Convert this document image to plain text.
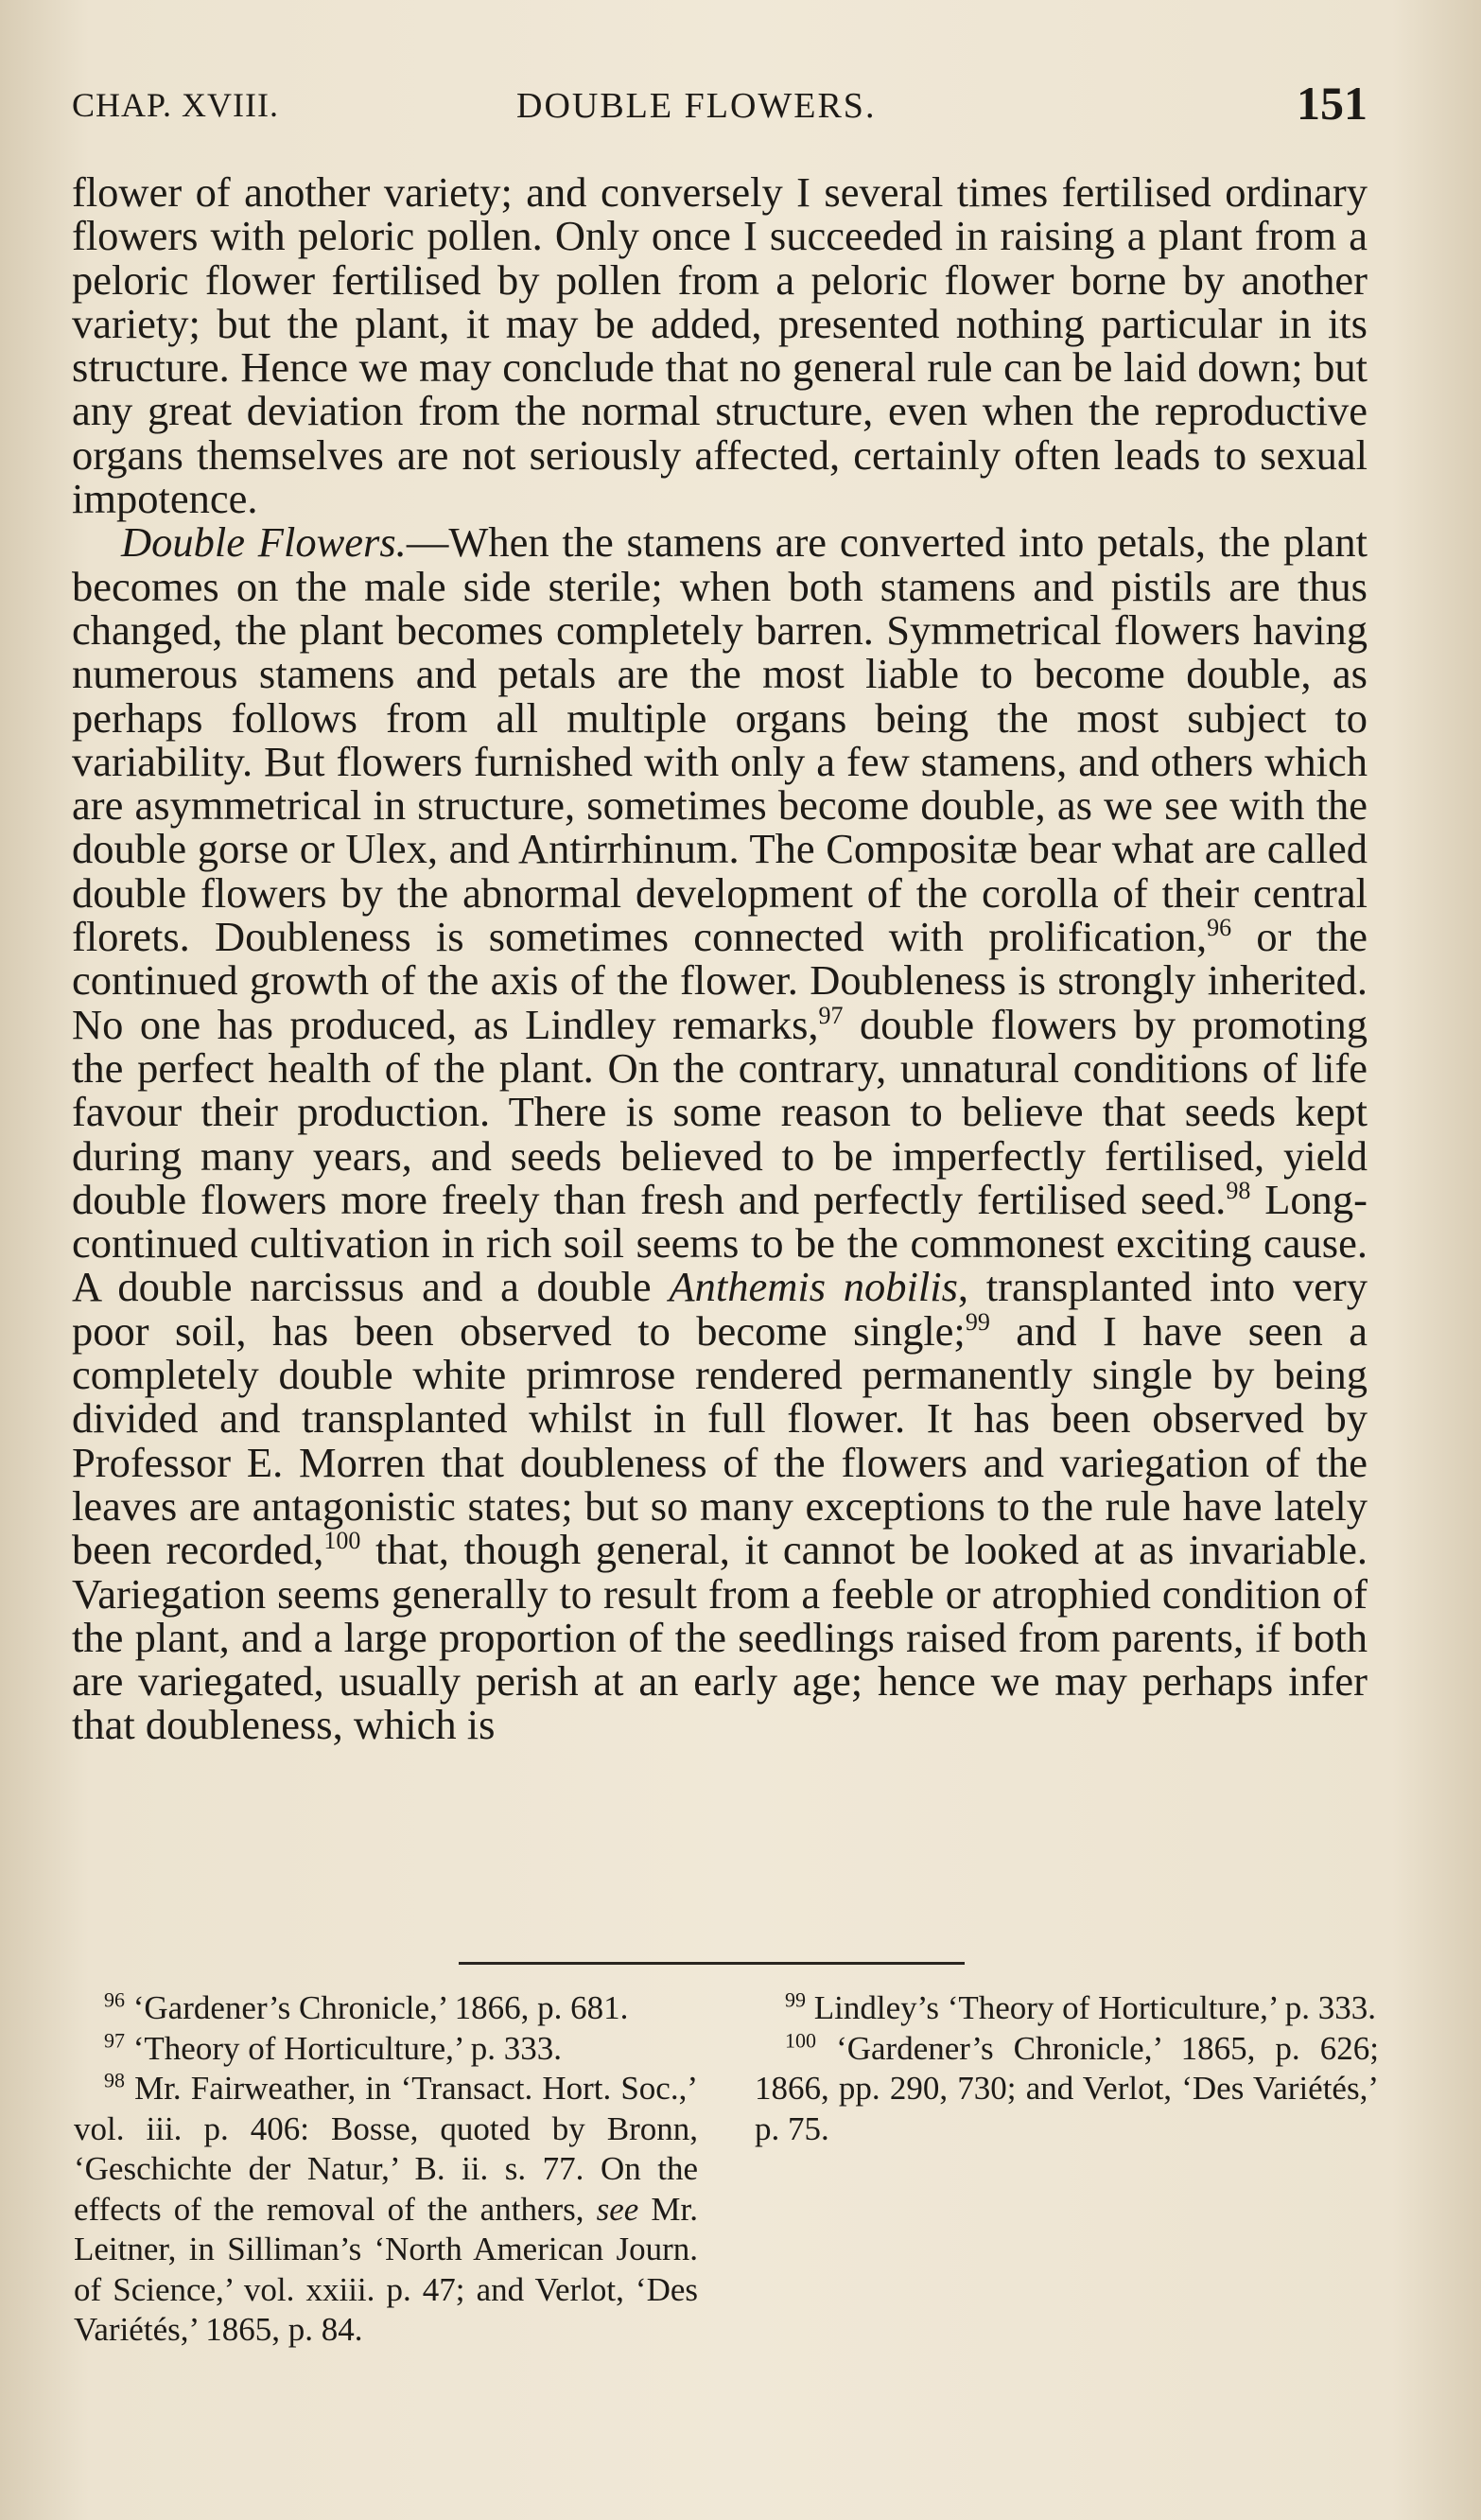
CHAP. XVIII.	DOUBLE FLOWERS.	151

flower of another variety; and conversely I several times fertilised ordinary flowers with peloric pollen. Only once I succeeded in raising a plant from a peloric flower fertilised by pollen from a peloric flower borne by another variety; but the plant, it may be added, presented nothing particular in its structure. Hence we may conclude that no general rule can be laid down; but any great deviation from the normal structure, even when the reproductive organs themselves are not seriously affected, certainly often leads to sexual impotence.

Double Flowers.—When the stamens are converted into petals, the plant becomes on the male side sterile; when both stamens and pistils are thus changed, the plant becomes completely barren. Symmetrical flowers having numerous stamens and petals are the most liable to become double, as perhaps follows from all multiple organs being the most subject to variability. But flowers furnished with only a few stamens, and others which are asymmetrical in structure, sometimes become double, as we see with the double gorse or Ulex, and Antirrhinum. The Compositæ bear what are called double flowers by the abnormal development of the corolla of their central florets. Doubleness is sometimes connected with prolification,$^{96}$ or the continued growth of the axis of the flower. Doubleness is strongly inherited. No one has produced, as Lindley remarks,$^{97}$ double flowers by promoting the perfect health of the plant. On the contrary, unnatural conditions of life favour their production. There is some reason to believe that seeds kept during many years, and seeds believed to be imperfectly fertilised, yield double flowers more freely than fresh and perfectly fertilised seed.$^{98}$ Long-continued cultivation in rich soil seems to be the commonest exciting cause. A double narcissus and a double Anthemis nobilis, transplanted into very poor soil, has been observed to become single;$^{99}$ and I have seen a completely double white primrose rendered permanently single by being divided and transplanted whilst in full flower. It has been observed by Professor E. Morren that doubleness of the flowers and variegation of the leaves are antagonistic states; but so many exceptions to the rule have lately been recorded,$^{100}$ that, though general, it cannot be looked at as invariable. Variegation seems generally to result from a feeble or atrophied condition of the plant, and a large proportion of the seedlings raised from parents, if both are variegated, usually perish at an early age; hence we may perhaps infer that doubleness, which is

$^{96}$ ‘Gardener’s Chronicle,’ 1866, p. 681.

$^{97}$ ‘Theory of Horticulture,’ p. 333.

$^{98}$ Mr. Fairweather, in ‘Transact. Hort. Soc.,’ vol. iii. p. 406: Bosse, quoted by Bronn, ‘Geschichte der Natur,’ B. ii. s. 77. On the effects of the removal of the anthers, see Mr. Leitner, in Silliman’s ‘North American Journ. of Science,’ vol. xxiii. p. 47; and Verlot, ‘Des Variétés,’ 1865, p. 84.

$^{99}$ Lindley’s ‘Theory of Horticulture,’ p. 333.

$^{100}$ ‘Gardener’s Chronicle,’ 1865, p. 626; 1866, pp. 290, 730; and Verlot, ‘Des Variétés,’ p. 75.
